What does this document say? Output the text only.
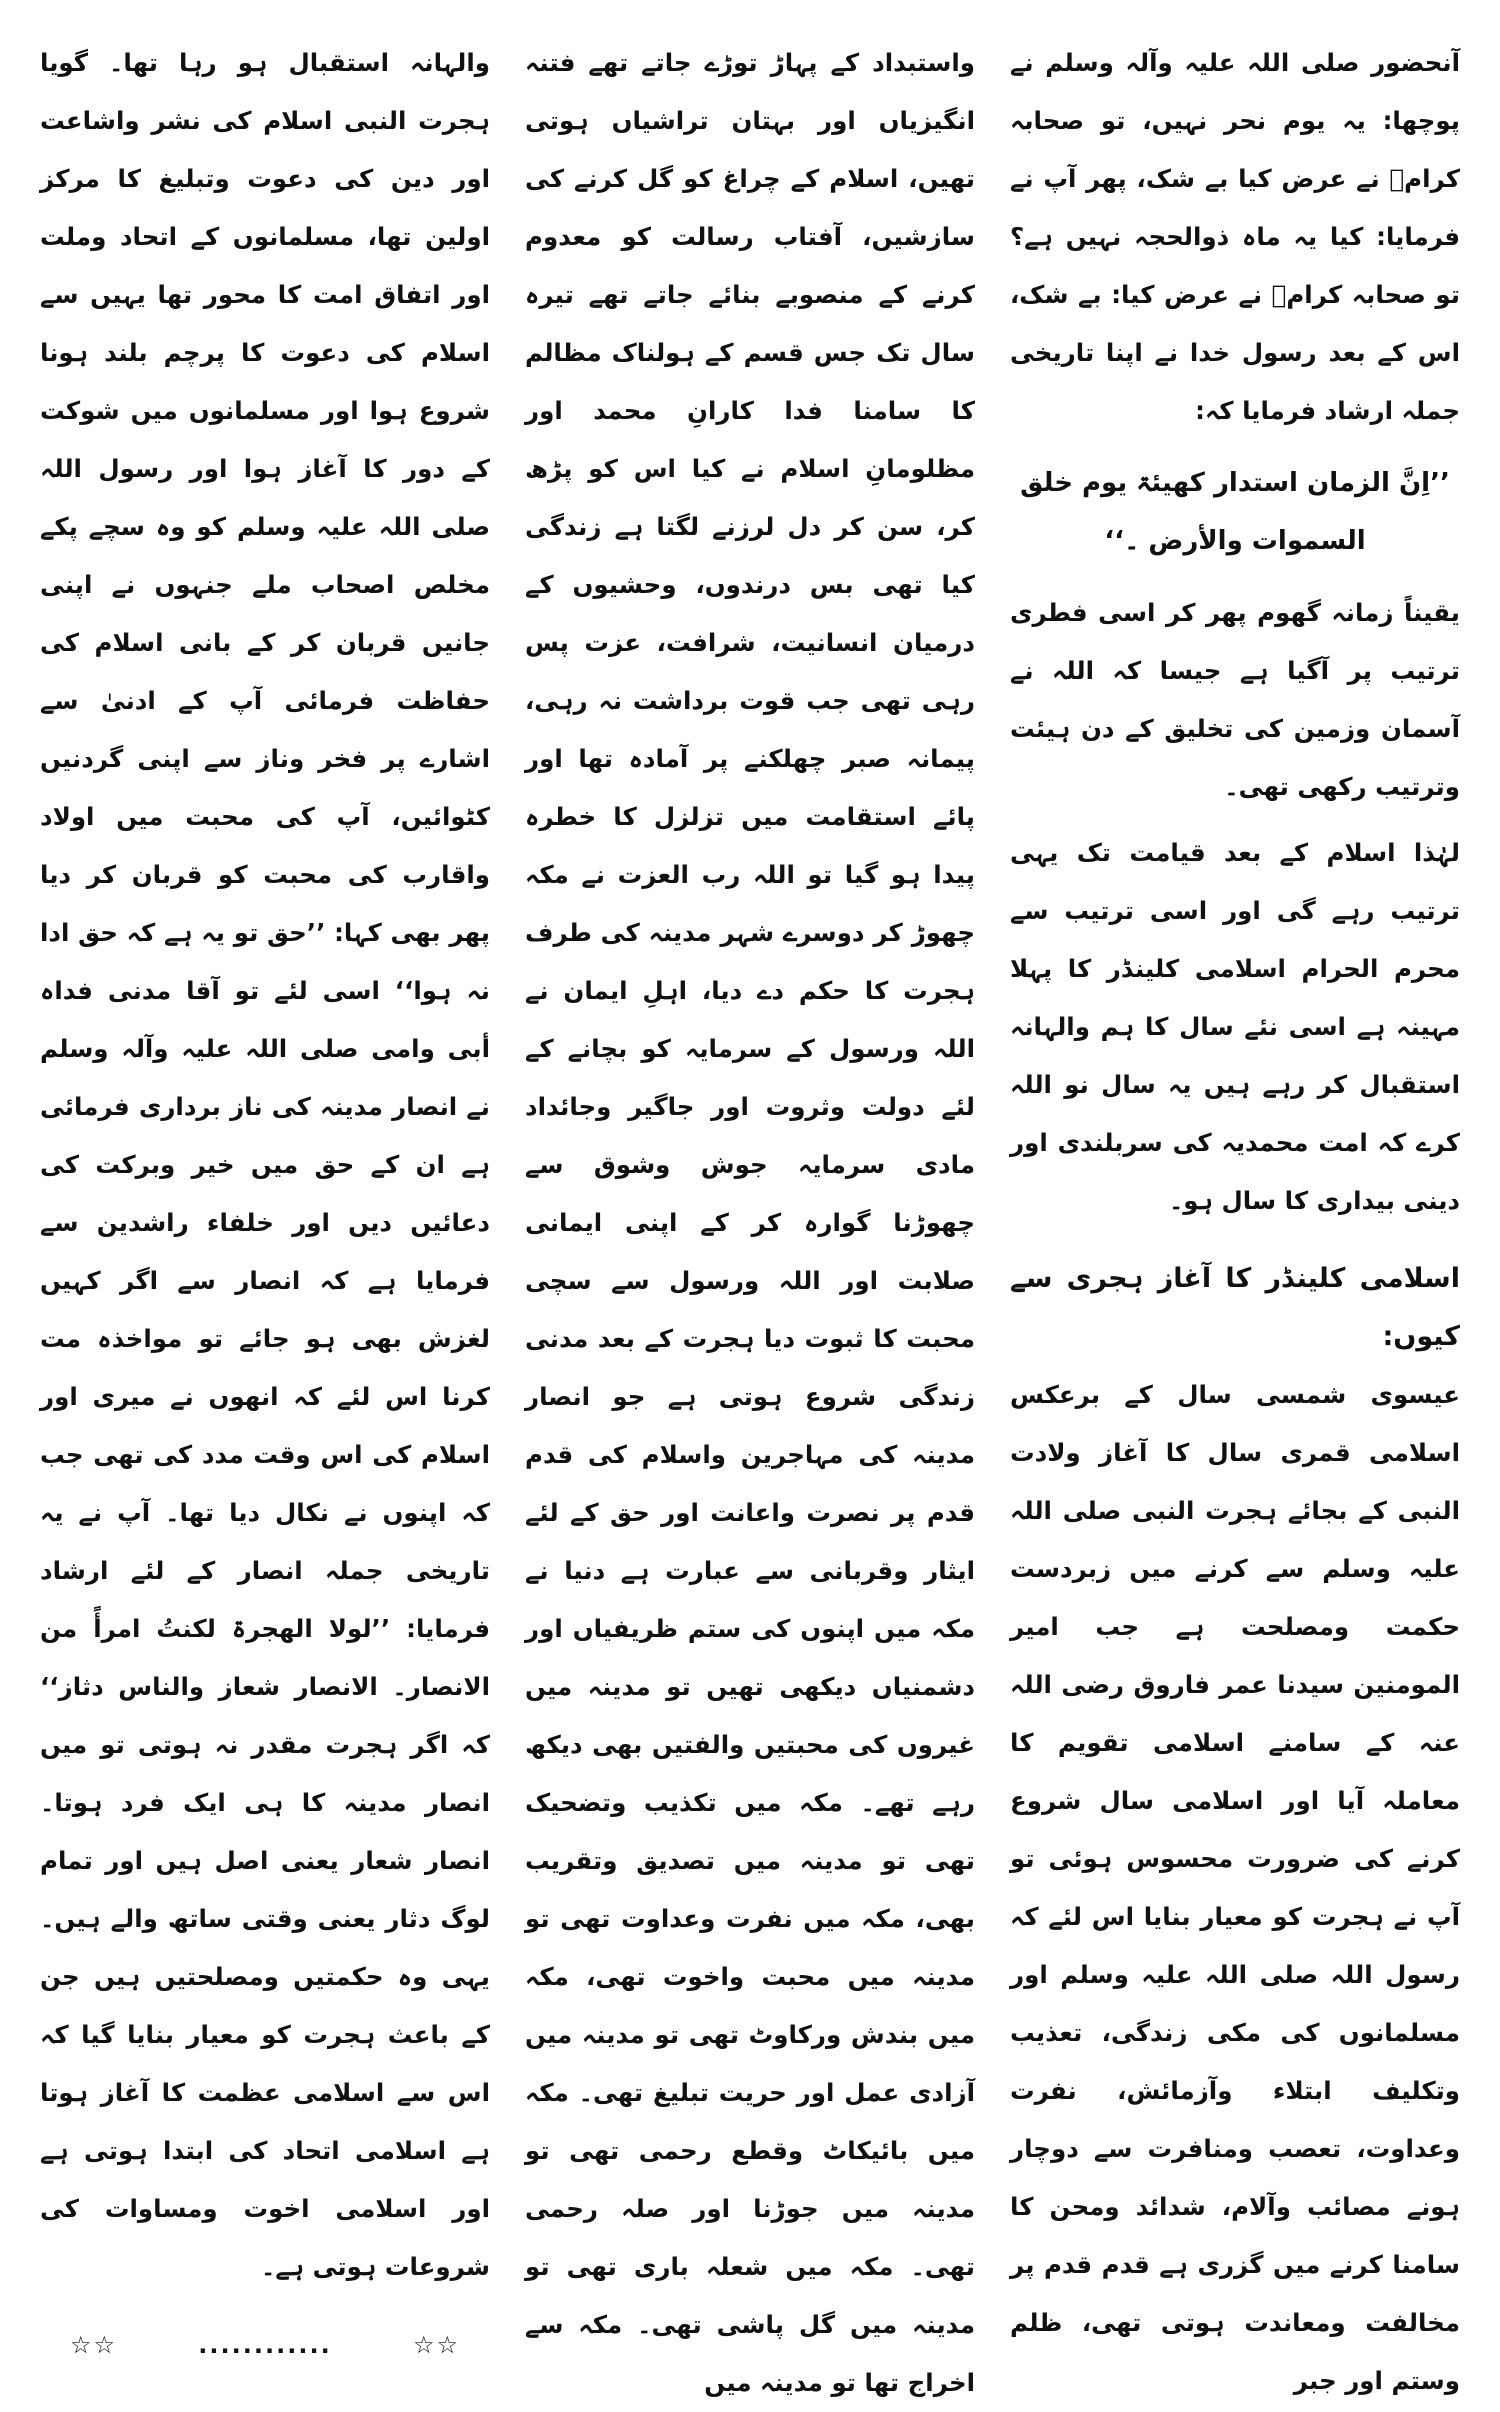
آنحضور صلی اللہ علیہ وآلہ وسلم نے پوچھا: یہ یوم نحر نہیں، تو صحابہ کرامؓ نے عرض کیا بے شک، پھر آپ نے فرمایا: کیا یہ ماہ ذوالحجہ نہیں ہے؟ تو صحابہ کرامؓ نے عرض کیا: بے شک، اس کے بعد رسول خدا نے اپنا تاریخی جملہ ارشاد فرمایا کہ:

’’اِنَّ الزمان استدار کھیئۃ یوم خلق السموات والأرض ۔‘‘

یقیناً زمانہ گھوم پھر کر اسی فطری ترتیب پر آگیا ہے جیسا کہ اللہ نے آسمان وزمین کی تخلیق کے دن ہیئت وترتیب رکھی تھی۔

لہٰذا اسلام کے بعد قیامت تک یہی ترتیب رہے گی اور اسی ترتیب سے محرم الحرام اسلامی کلینڈر کا پہلا مہینہ ہے اسی نئے سال کا ہم والہانہ استقبال کر رہے ہیں یہ سال نو اللہ کرے کہ امت محمدیہ کی سربلندی اور دینی بیداری کا سال ہو۔

اسلامی کلینڈر کا آغاز ہجری سے کیوں:

عیسوی شمسی سال کے برعکس اسلامی قمری سال کا آغاز ولادت النبی کے بجائے ہجرت النبی صلی اللہ علیہ وسلم سے کرنے میں زبردست حکمت ومصلحت ہے جب امیر المومنین سیدنا عمر فاروق رضی اللہ عنہ کے سامنے اسلامی تقویم کا معاملہ آیا اور اسلامی سال شروع کرنے کی ضرورت محسوس ہوئی تو آپ نے ہجرت کو معیار بنایا اس لئے کہ رسول اللہ صلی اللہ علیہ وسلم اور مسلمانوں کی مکی زندگی، تعذیب وتکلیف ابتلاء وآزمائش، نفرت وعداوت، تعصب ومنافرت سے دوچار ہونے مصائب وآلام، شدائد ومحن کا سامنا کرنے میں گزری ہے قدم قدم پر مخالفت ومعاندت ہوتی تھی، ظلم وستم اور جبر

واستبداد کے پہاڑ توڑے جاتے تھے فتنہ انگیزیاں اور بہتان تراشیاں ہوتی تھیں، اسلام کے چراغ کو گل کرنے کی سازشیں، آفتاب رسالت کو معدوم کرنے کے منصوبے بنائے جاتے تھے تیرہ سال تک جس قسم کے ہولناک مظالم کا سامنا فدا کارانِ محمد اور مظلومانِ اسلام نے کیا اس کو پڑھ کر، سن کر دل لرزنے لگتا ہے زندگی کیا تھی بس درندوں، وحشیوں کے درمیان انسانیت، شرافت، عزت پس رہی تھی جب قوت برداشت نہ رہی، پیمانہ صبر چھلکنے پر آمادہ تھا اور پائے استقامت میں تزلزل کا خطرہ پیدا ہو گیا تو اللہ رب العزت نے مکہ چھوڑ کر دوسرے شہر مدینہ کی طرف ہجرت کا حکم دے دیا، اہلِ ایمان نے اللہ ورسول کے سرمایہ کو بچانے کے لئے دولت وثروت اور جاگیر وجائداد مادی سرمایہ جوش وشوق سے چھوڑنا گوارہ کر کے اپنی ایمانی صلابت اور اللہ ورسول سے سچی محبت کا ثبوت دیا ہجرت کے بعد مدنی زندگی شروع ہوتی ہے جو انصار مدینہ کی مہاجرین واسلام کی قدم قدم پر نصرت واعانت اور حق کے لئے ایثار وقربانی سے عبارت ہے دنیا نے مکہ میں اپنوں کی ستم ظریفیاں اور دشمنیاں دیکھی تھیں تو مدینہ میں غیروں کی محبتیں والفتیں بھی دیکھ رہے تھے۔ مکہ میں تکذیب وتضحیک تھی تو مدینہ میں تصدیق وتقریب بھی، مکہ میں نفرت وعداوت تھی تو مدینہ میں محبت واخوت تھی، مکہ میں بندش ورکاوٹ تھی تو مدینہ میں آزادی عمل اور حریت تبلیغ تھی۔ مکہ میں بائیکاٹ وقطع رحمی تھی تو مدینہ میں جوڑنا اور صلہ رحمی تھی۔ مکہ میں شعلہ باری تھی تو مدینہ میں گل پاشی تھی۔ مکہ سے اخراج تھا تو مدینہ میں

والہانہ استقبال ہو رہا تھا۔ گویا ہجرت النبی اسلام کی نشر واشاعت اور دین کی دعوت وتبلیغ کا مرکز اولین تھا، مسلمانوں کے اتحاد وملت اور اتفاق امت کا محور تھا یہیں سے اسلام کی دعوت کا پرچم بلند ہونا شروع ہوا اور مسلمانوں میں شوکت کے دور کا آغاز ہوا اور رسول اللہ صلی اللہ علیہ وسلم کو وہ سچے پکے مخلص اصحاب ملے جنہوں نے اپنی جانیں قربان کر کے بانی اسلام کی حفاظت فرمائی آپ کے ادنیٰ سے اشارے پر فخر وناز سے اپنی گردنیں کٹوائیں، آپ کی محبت میں اولاد واقارب کی محبت کو قربان کر دیا پھر بھی کہا: ’’حق تو یہ ہے کہ حق ادا نہ ہوا‘‘ اسی لئے تو آقا مدنی فداہ أبی وامی صلی اللہ علیہ وآلہ وسلم نے انصار مدینہ کی ناز برداری فرمائی ہے ان کے حق میں خیر وبرکت کی دعائیں دیں اور خلفاء راشدین سے فرمایا ہے کہ انصار سے اگر کہیں لغزش بھی ہو جائے تو مواخذہ مت کرنا اس لئے کہ انھوں نے میری اور اسلام کی اس وقت مدد کی تھی جب کہ اپنوں نے نکال دیا تھا۔ آپ نے یہ تاریخی جملہ انصار کے لئے ارشاد فرمایا: ’’لولا الھجرۃ لکنتُ امرأً من الانصار۔ الانصار شعاز والناس دثاز‘‘ کہ اگر ہجرت مقدر نہ ہوتی تو میں انصار مدینہ کا ہی ایک فرد ہوتا۔ انصار شعار یعنی اصل ہیں اور تمام لوگ دثار یعنی وقتی ساتھ والے ہیں۔ یہی وہ حکمتیں ومصلحتیں ہیں جن کے باعث ہجرت کو معیار بنایا گیا کہ اس سے اسلامی عظمت کا آغاز ہوتا ہے اسلامی اتحاد کی ابتدا ہوتی ہے اور اسلامی اخوت ومساوات کی شروعات ہوتی ہے۔

☆☆	............	☆☆
